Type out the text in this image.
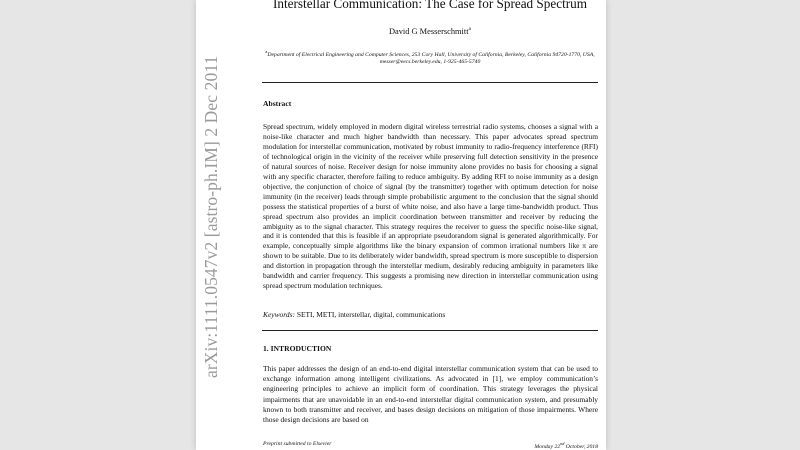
arXiv:1111.0547v2 [astro-ph.IM] 2 Dec 2011
Interstellar Communication: The Case for Spread Spectrum
David G Messerschmitt$^a$
$^a$Department of Electrical Engineering and Computer Sciences, 253 Cory Hall, University of California, Berkeley, California 94720-1770, USA, messer@eecs.berkeley.edu, 1-925-465-5740
Abstract
Spread spectrum, widely employed in modern digital wireless terrestrial radio systems, chooses a signal with a noise-like character and much higher bandwidth than necessary. This paper advocates spread spectrum modulation for interstellar communication, motivated by robust immunity to radio-frequency interference (RFI) of technological origin in the vicinity of the receiver while preserving full detection sensitivity in the presence of natural sources of noise. Receiver design for noise immunity alone provides no basis for choosing a signal with any specific character, therefore failing to reduce ambiguity. By adding RFI to noise immunity as a design objective, the conjunction of choice of signal (by the transmitter) together with optimum detection for noise immunity (in the receiver) leads through simple probabilistic argument to the conclusion that the signal should possess the statistical properties of a burst of white noise, and also have a large time-bandwidth product. Thus spread spectrum also provides an implicit coordination between transmitter and receiver by reducing the ambiguity as to the signal character. This strategy requires the receiver to guess the specific noise-like signal, and it is contended that this is feasible if an appropriate pseudorandom signal is generated algorithmically. For example, conceptually simple algorithms like the binary expansion of common irrational numbers like π are shown to be suitable. Due to its deliberately wider bandwidth, spread spectrum is more susceptible to dispersion and distortion in propagation through the interstellar medium, desirably reducing ambiguity in parameters like bandwidth and carrier frequency. This suggests a promising new direction in interstellar communication using spread spectrum modulation techniques.
Keywords: SETI, METI, interstellar, digital, communications
1. INTRODUCTION
This paper addresses the design of an end-to-end digital interstellar communication system that can be used to exchange information among intelligent civilizations. As advocated in [1], we employ communication’s engineering principles to achieve an implicit form of coordination. This strategy leverages the physical impairments that are unavoidable in an end-to-end interstellar digital communication system, and presumably known to both transmitter and receiver, and bases design decisions on mitigation of those impairments. Where those design decisions are based on
Preprint submitted to Elsevier	Monday 22nd October, 2018
